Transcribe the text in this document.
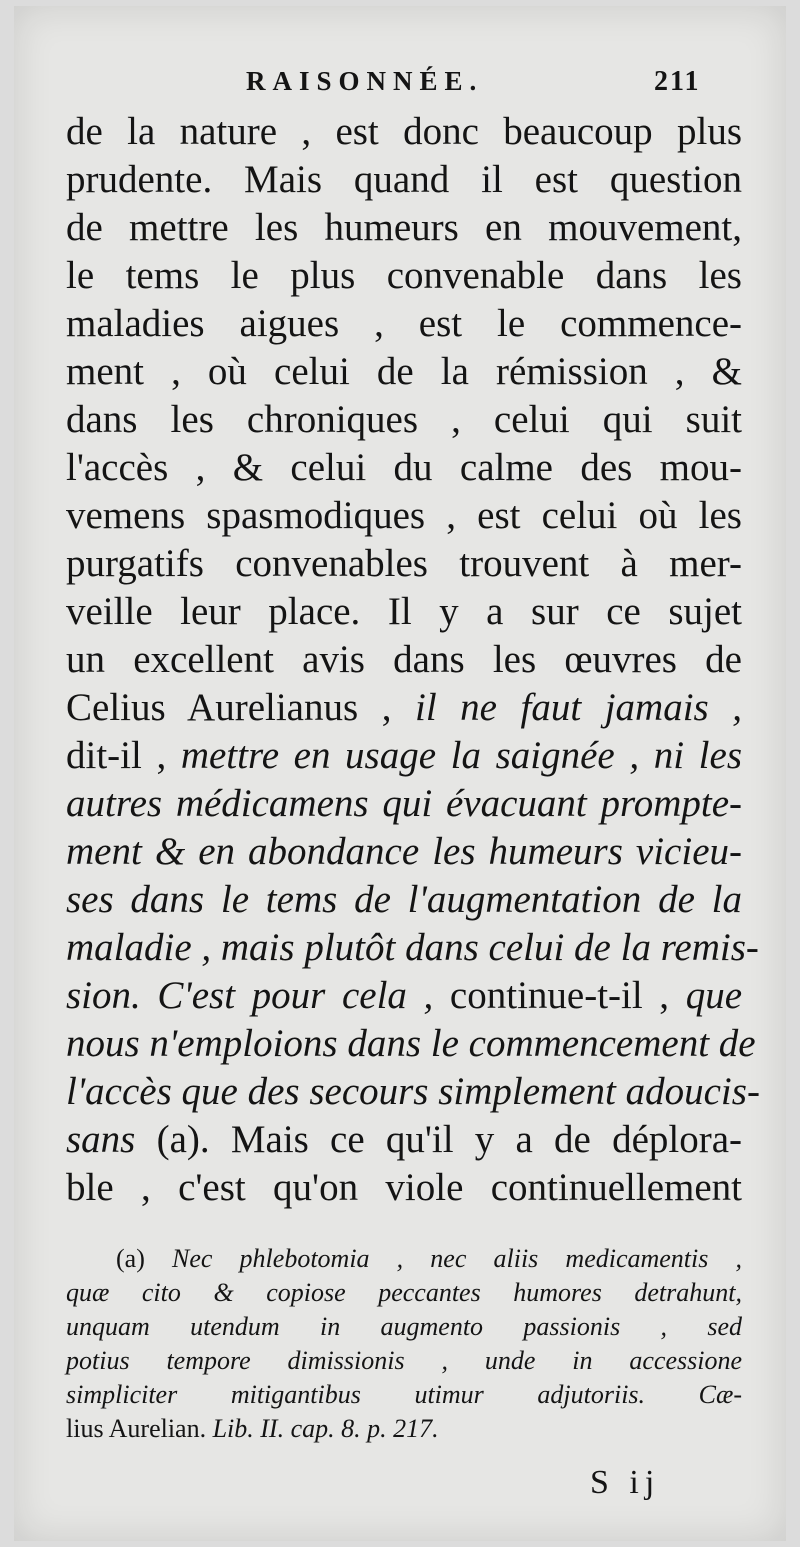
RAISONNÉE.	211
de la nature , est donc beaucoup plus
prudente. Mais quand il est question
de mettre les humeurs en mouvement,
le tems le plus convenable dans les
maladies aigues , est le commence-
ment , où celui de la rémission , &
dans les chroniques , celui qui suit
l'accès , & celui du calme des mou-
vemens spasmodiques , est celui où les
purgatifs convenables trouvent à mer-
veille leur place. Il y a sur ce sujet
un excellent avis dans les œuvres de
Celius Aurelianus , il ne faut jamais ,
dit-il , mettre en usage la saignée , ni les
autres médicamens qui évacuant prompte-
ment & en abondance les humeurs vicieu-
ses dans le tems de l'augmentation de la
maladie , mais plutôt dans celui de la remis-
sion. C'est pour cela , continue-t-il , que
nous n'emploions dans le commencement de
l'accès que des secours simplement adoucis-
sans (a). Mais ce qu'il y a de déplora-
ble , c'est qu'on viole continuellement
(a) Nec phlebotomia , nec aliis medicamentis ,
quæ cito & copiose peccantes humores detrahunt,
unquam utendum in augmento passionis , sed
potius tempore dimissionis , unde in accessione
simpliciter mitigantibus utimur adjutoriis. Cæ-
lius Aurelian. Lib. II. cap. 8. p. 217.
S ij
